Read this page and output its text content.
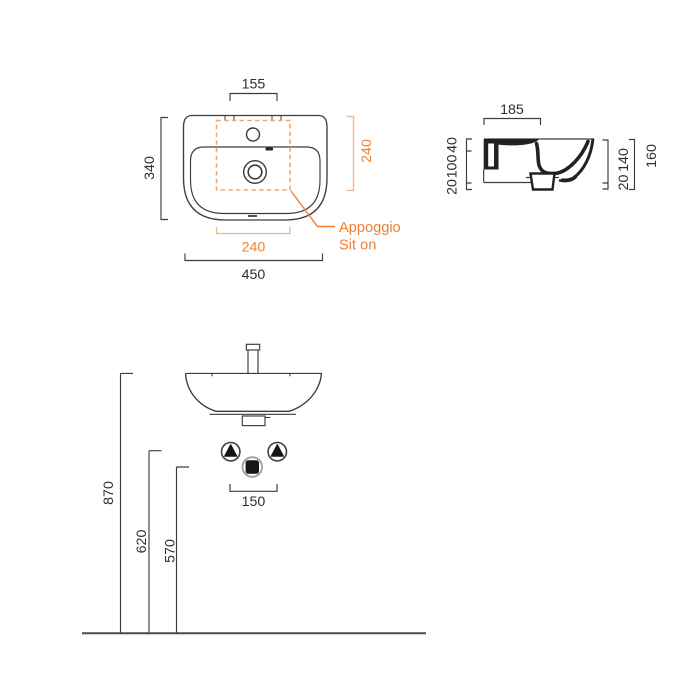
Appoggio
Sit on
155
340
240
240
450
185
40
100
20
140
20
160
150
870
620 570
